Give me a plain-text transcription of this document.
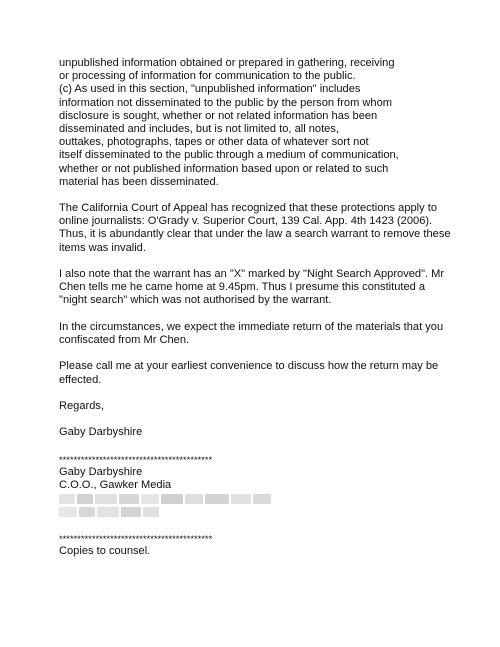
unpublished information obtained or prepared in gathering, receiving
or processing of information for communication to the public.
(c) As used in this section, "unpublished information" includes
information not disseminated to the public by the person from whom
disclosure is sought, whether or not related information has been
disseminated and includes, but is not limited to, all notes,
outtakes, photographs, tapes or other data of whatever sort not
itself disseminated to the public through a medium of communication,
whether or not published information based upon or related to such
material has been disseminated.
The California Court of Appeal has recognized that these protections apply to
online journalists: O'Grady v. Superior Court, 139 Cal. App. 4th 1423 (2006).
Thus, it is abundantly clear that under the law a search warrant to remove these
items was invalid.
I also note that the warrant has an "X" marked by "Night Search Approved". Mr
Chen tells me he came home at 9.45pm. Thus I presume this constituted a
"night search" which was not authorised by the warrant.
In the circumstances, we expect the immediate return of the materials that you
confiscated from Mr Chen.
Please call me at your earliest convenience to discuss how the return may be
effected.
Regards,
Gaby Darbyshire
******************************************
Gaby Darbyshire
C.O.O., Gawker Media
******************************************
Copies to counsel.
